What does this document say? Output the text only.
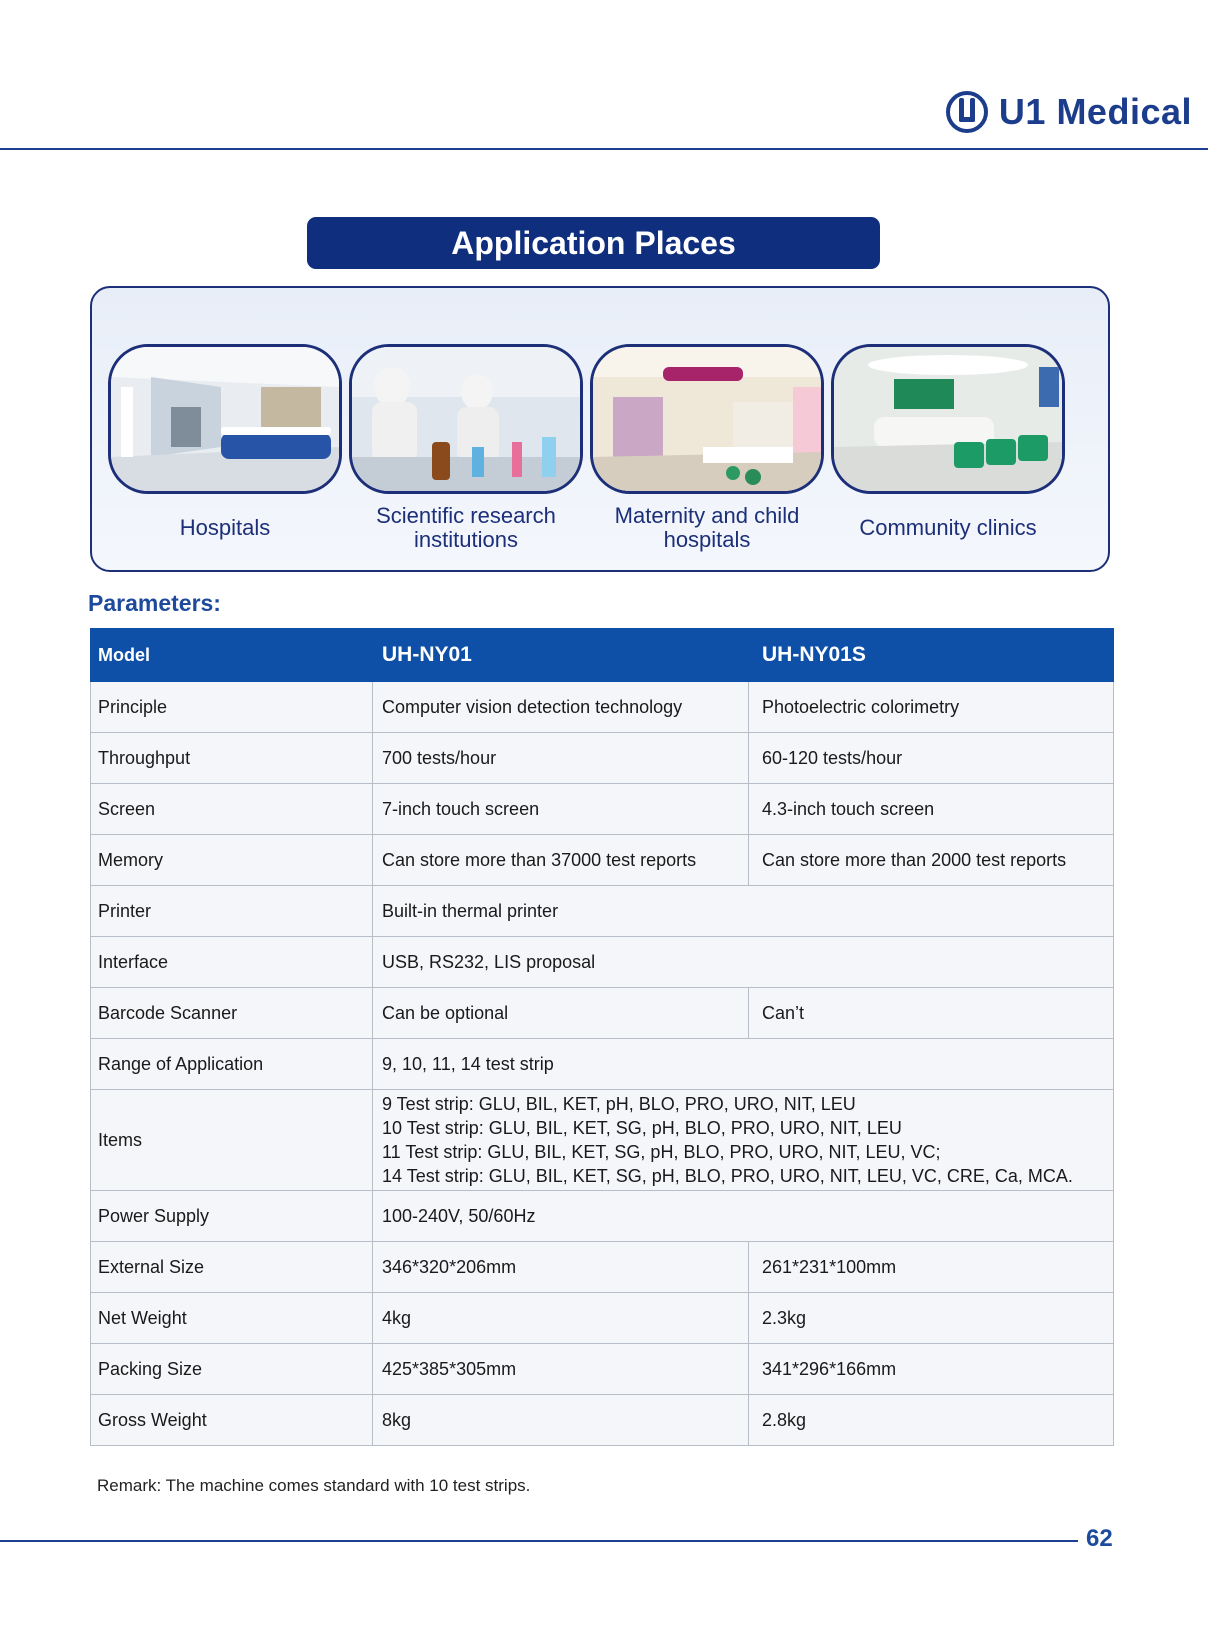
U1 Medical
Application Places
Hospitals	Scientific research
institutions
Maternity and child
hospitals	Community clinics
Parameters:
Model	UH-NY01	UH-NY01S
Principle	Computer vision detection technology	Photoelectric colorimetry
Throughput	700 tests/hour	60-120 tests/hour
Screen	7-inch touch screen	4.3-inch touch screen
Memory	Can store more than 37000 test reports	Can store more than 2000 test reports
Printer	Built-in thermal printer	
Interface	USB, RS232, LIS proposal	
Barcode Scanner	Can be optional	Can’t
Range of Application	9, 10, 11, 14 test strip	
Items	9 Test strip: GLU, BIL, KET, pH, BLO, PRO, URO, NIT, LEU
10 Test strip: GLU, BIL, KET, SG, pH, BLO, PRO, URO, NIT, LEU
11 Test strip: GLU, BIL, KET, SG, pH, BLO, PRO, URO, NIT, LEU, VC;
14 Test strip: GLU, BIL, KET, SG, pH, BLO, PRO, URO, NIT, LEU, VC, CRE, Ca, MCA.	

Power Supply	100-240V, 50/60Hz	
External Size	346*320*206mm	261*231*100mm
Net Weight	4kg	2.3kg
Packing Size	425*385*305mm	341*296*166mm
Gross Weight	8kg	2.8kg
Remark: The machine comes standard with 10 test strips.
62
